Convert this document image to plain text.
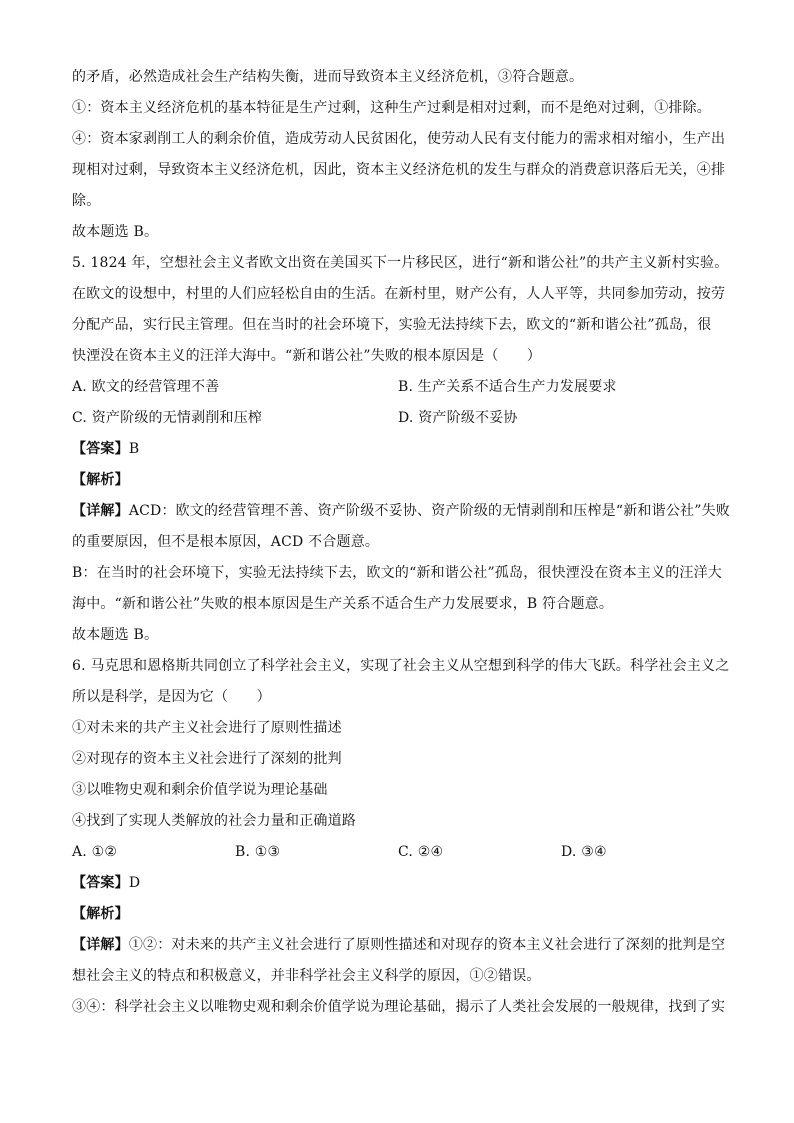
的矛盾，必然造成社会生产结构失衡，进而导致资本主义经济危机，③符合题意。
①：资本主义经济危机的基本特征是生产过剩，这种生产过剩是相对过剩，而不是绝对过剩，①排除。
④：资本家剥削工人的剩余价值，造成劳动人民贫困化，使劳动人民有支付能力的需求相对缩小，生产出
现相对过剩，导致资本主义经济危机，因此，资本主义经济危机的发生与群众的消费意识落后无关，④排
除。
故本题选 B。
5. 1824 年，空想社会主义者欧文出资在美国买下一片移民区，进行“新和谐公社”的共产主义新村实验。
在欧文的设想中，村里的人们应轻松自由的生活。在新村里，财产公有，人人平等，共同参加劳动，按劳
分配产品，实行民主管理。但在当时的社会环境下，实验无法持续下去，欧文的“新和谐公社”孤岛，很
快湮没在资本主义的汪洋大海中。“新和谐公社”失败的根本原因是（　　）
A. 欧文的经营管理不善	B. 生产关系不适合生产力发展要求
C. 资产阶级的无情剥削和压榨	D. 资产阶级不妥协
【答案】B
【解析】
【详解】ACD：欧文的经营管理不善、资产阶级不妥协、资产阶级的无情剥削和压榨是“新和谐公社”失败
的重要原因，但不是根本原因，ACD 不合题意。
B：在当时的社会环境下，实验无法持续下去，欧文的“新和谐公社”孤岛，很快湮没在资本主义的汪洋大
海中。“新和谐公社”失败的根本原因是生产关系不适合生产力发展要求，B 符合题意。
故本题选 B。
6. 马克思和恩格斯共同创立了科学社会主义，实现了社会主义从空想到科学的伟大飞跃。科学社会主义之
所以是科学，是因为它（　　）
①对未来的共产主义社会进行了原则性描述
②对现存的资本主义社会进行了深刻的批判
③以唯物史观和剩余价值学说为理论基础
④找到了实现人类解放的社会力量和正确道路
A. ①②	B. ①③	C. ②④	D. ③④
【答案】D
【解析】
【详解】①②：对未来的共产主义社会进行了原则性描述和对现存的资本主义社会进行了深刻的批判是空
想社会主义的特点和积极意义，并非科学社会主义科学的原因，①②错误。
③④：科学社会主义以唯物史观和剩余价值学说为理论基础，揭示了人类社会发展的一般规律，找到了实
